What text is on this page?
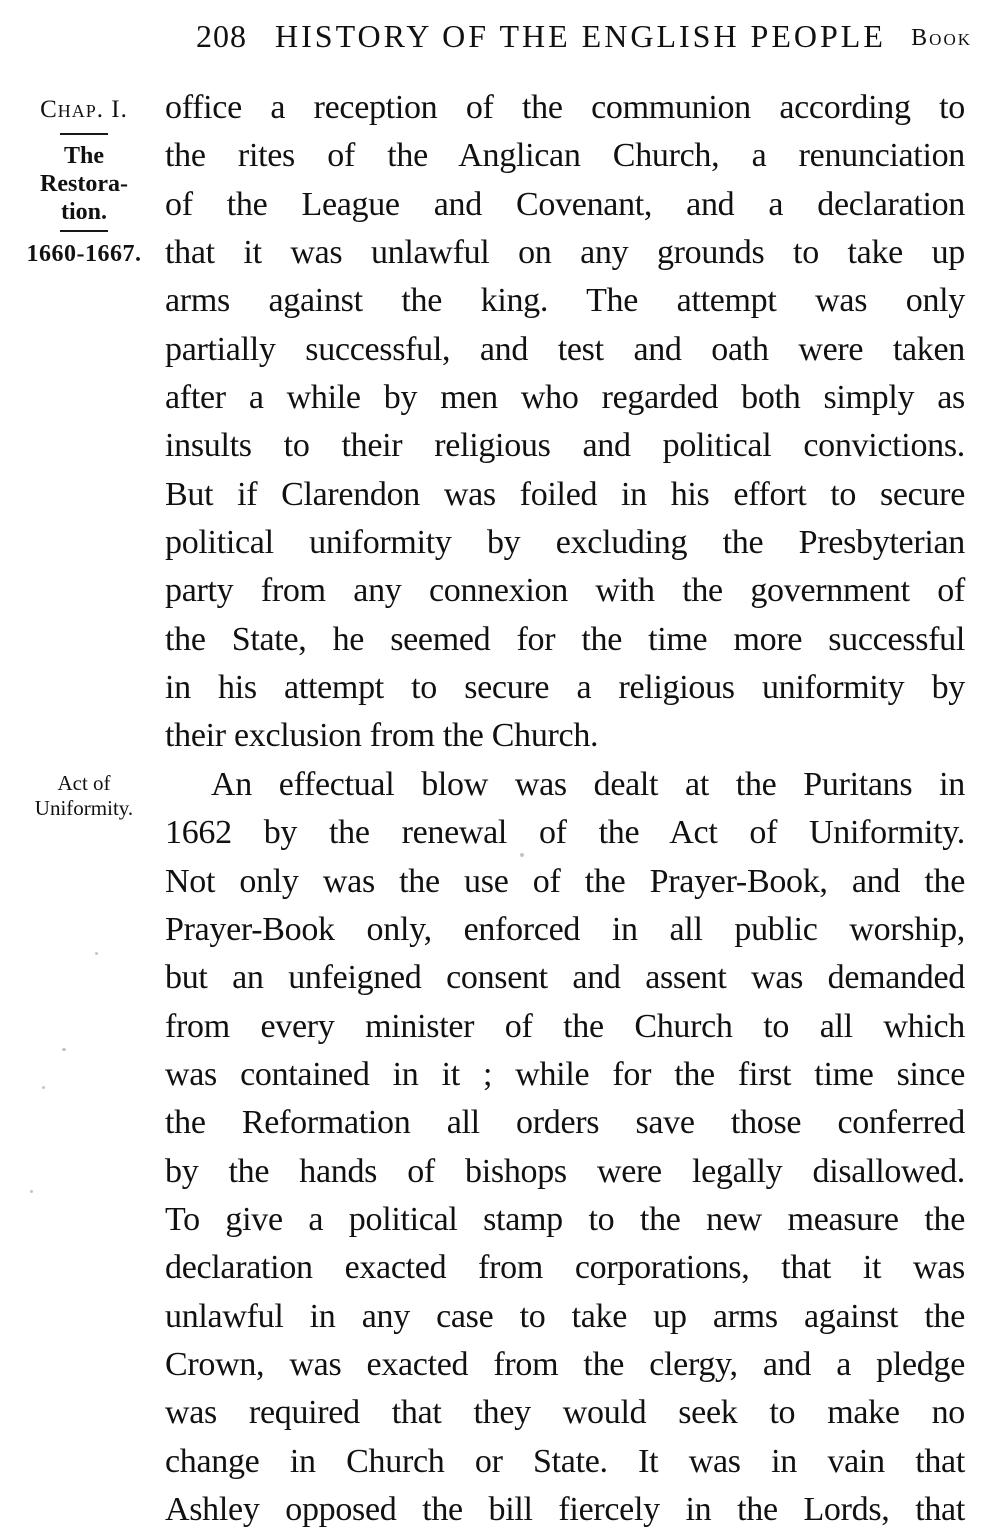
208 HISTORY OF THE ENGLISH PEOPLE Book
Chap. I.
The
Restora-
tion.
1660-1667.
Act of
Uniformity.
office a reception of the communion according to
the rites of the Anglican Church, a renunciation
of the League and Covenant, and a declaration
that it was unlawful on any grounds to take up
arms against the king. The attempt was only
partially successful, and test and oath were taken
after a while by men who regarded both simply as
insults to their religious and political convictions.
But if Clarendon was foiled in his effort to secure
political uniformity by excluding the Presbyterian
party from any connexion with the government of
the State, he seemed for the time more successful
in his attempt to secure a religious uniformity by
their exclusion from the Church.
An effectual blow was dealt at the Puritans in
1662 by the renewal of the Act of Uniformity.
Not only was the use of the Prayer-Book, and the
Prayer-Book only, enforced in all public worship,
but an unfeigned consent and assent was demanded
from every minister of the Church to all which
was contained in it ; while for the first time since
the Reformation all orders save those conferred
by the hands of bishops were legally disallowed.
To give a political stamp to the new measure the
declaration exacted from corporations, that it was
unlawful in any case to take up arms against the
Crown, was exacted from the clergy, and a pledge
was required that they would seek to make no
change in Church or State. It was in vain that
Ashley opposed the bill fiercely in the Lords, that
